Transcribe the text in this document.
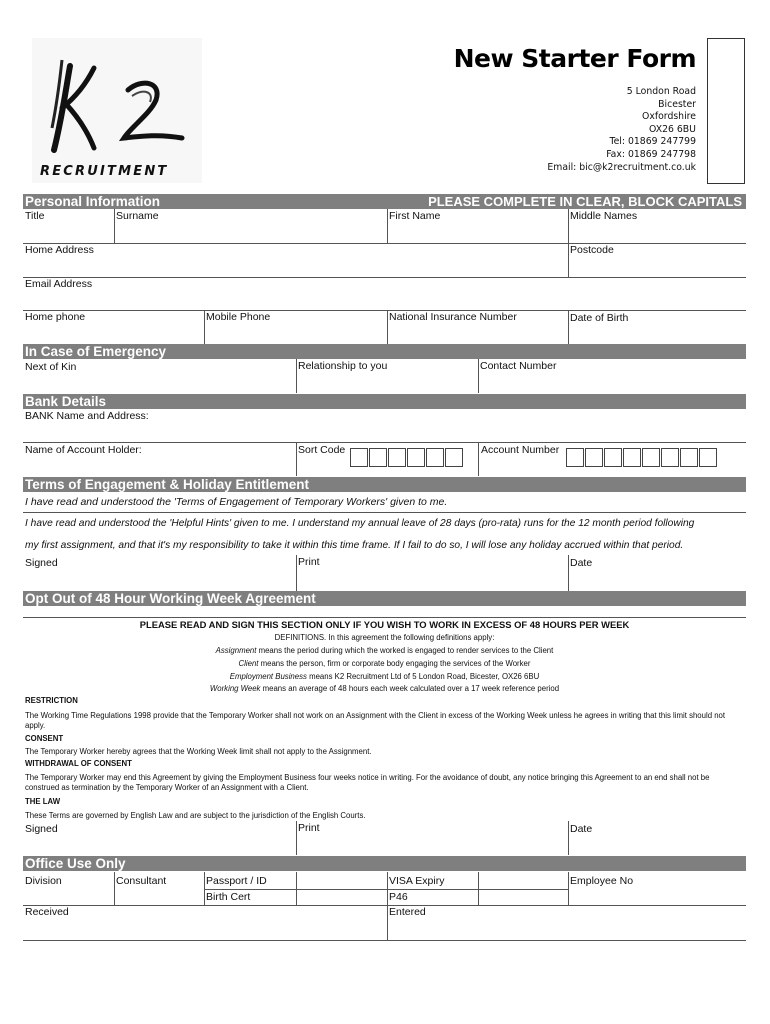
RECRUITMENT
New Starter Form
5 London Road
Bicester
Oxfordshire
OX26 6BU
Tel: 01869 247799
Fax: 01869 247798
Email: bic@k2recruitment.co.uk
Personal Information	PLEASE COMPLETE IN CLEAR, BLOCK CAPITALS
Title	Surname	First Name	Middle Names
Home Address	Postcode
Email Address
Home phone	Mobile Phone	National Insurance Number	Date of Birth
In Case of Emergency
Next of Kin	Relationship to you	Contact Number
Bank Details
BANK Name and Address:
Name of Account Holder:	Sort Code	Account Number
Terms of Engagement & Holiday Entitlement
I have read and understood the 'Terms of Engagement of Temporary Workers' given to me.
I have read and understood the 'Helpful Hints' given to me. I understand my annual leave of 28 days (pro-rata) runs for the 12 month period following
my first assignment, and that it's my responsibility to take it within this time frame. If I fail to do so, I will lose any holiday accrued within that period.
Signed	Print	Date
Opt Out of 48 Hour Working Week Agreement
PLEASE READ AND SIGN THIS SECTION ONLY IF YOU WISH TO WORK IN EXCESS OF 48 HOURS PER WEEK
DEFINITIONS. In this agreement the following definitions apply:
Assignment means the period during which the worked is engaged to render services to the Client
Client means the person, firm or corporate body engaging the services of the Worker
Employment Business means K2 Recruitment Ltd of 5 London Road, Bicester, OX26 6BU
Working Week means an average of 48 hours each week calculated over a 17 week reference period
RESTRICTION
The Working Time Regulations 1998 provide that the Temporary Worker shall not work on an Assignment with the Client in excess of the Working Week unless he agrees in writing that this limit should not apply.
CONSENT
The Temporary Worker hereby agrees that the Working Week limit shall not apply to the Assignment.
WITHDRAWAL OF CONSENT
The Temporary Worker may end this Agreement by giving the Employment Business four weeks notice in writing. For the avoidance of doubt, any notice bringing this Agreement to an end shall not be construed as termination by the Temporary Worker of an Assignment with a Client.
THE LAW
These Terms are governed by English Law and are subject to the jurisdiction of the English Courts.
Signed	Print	Date
Office Use Only
Division	Consultant	Passport / ID	VISA Expiry	Employee No
Birth Cert	P46
Received	Entered
